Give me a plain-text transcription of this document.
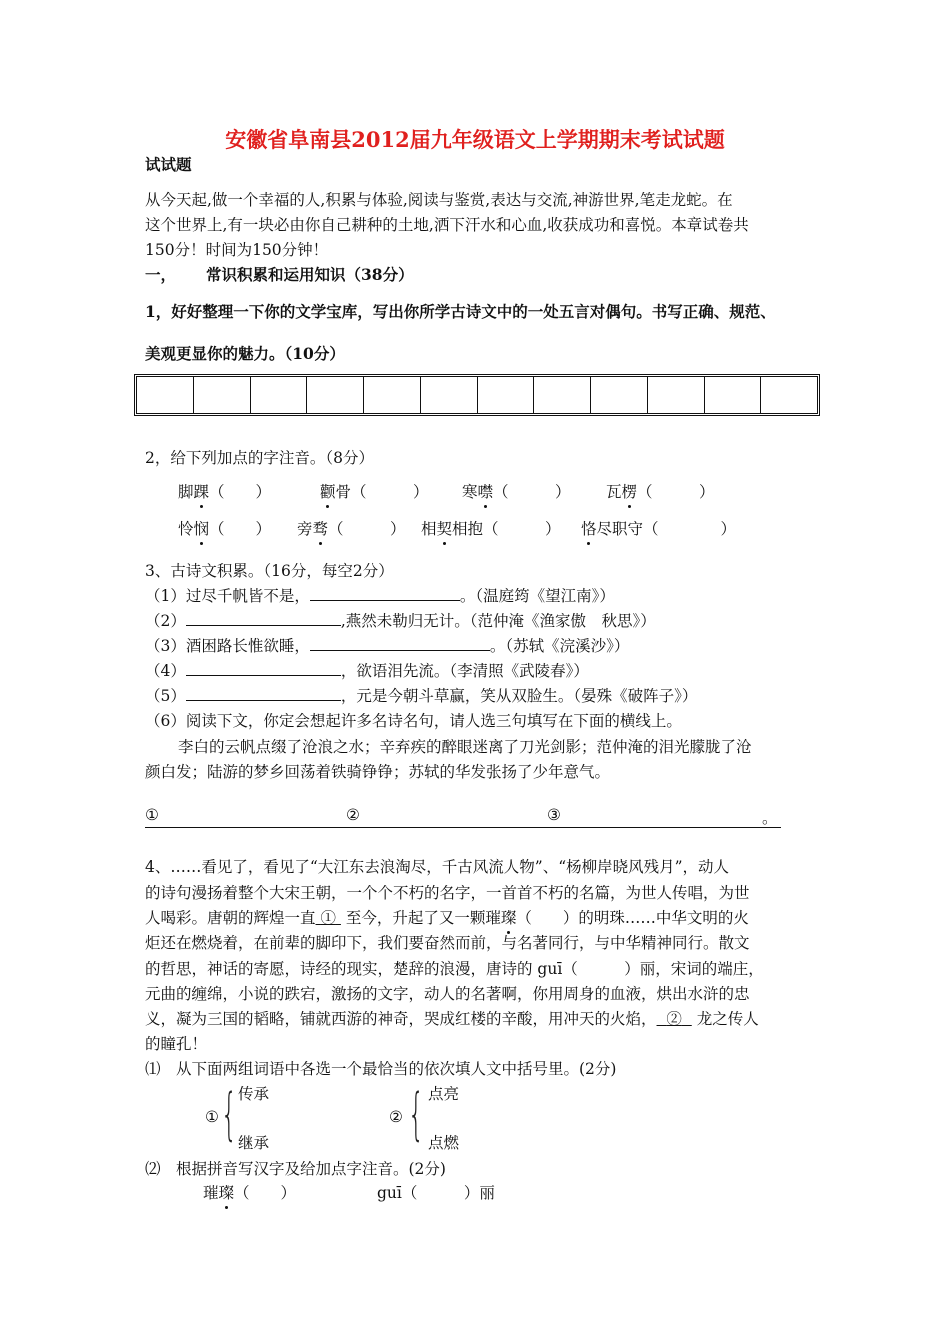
安徽省阜南县2012届九年级语文上学期期末考试试题
试试题
从今天起,做一个幸福的人,积累与体验,阅读与鉴赏,表达与交流,神游世界,笔走龙蛇。在
这个世界上,有一块必由你自己耕种的土地,洒下汗水和心血,收获成功和喜悦。本章试卷共
150分！时间为150分钟！
一， 常识积累和运用知识（38分）
1，好好整理一下你的文学宝库，写出你所学古诗文中的一处五言对偶句。书写正确、规范、
美观更显你的魅力。（10分）
2，给下列加点的字注音。（8分）
脚踝（　　）	颧骨（　　　） 寒噤（　　　） 瓦楞（　　　）
怜悯（　　） 旁骛（　　　） 相契相抱（　　　） 恪尽职守（　　　　）
3、古诗文积累。（16分，每空2分）
（1）过尽千帆皆不是，	。（温庭筠《望江南》）
（2）	,燕然未勒归无计。（范仲淹《渔家傲　秋思》）
（3）酒困路长惟欲睡，	。（苏轼《浣溪沙》）
（4）	，欲语泪先流。（李清照《武陵春》）
（5）	，元是今朝斗草赢，笑从双脸生。（晏殊《破阵子》）
（6）阅读下文，你定会想起许多名诗名句，请人选三句填写在下面的横线上。
李白的云帆点缀了沧浪之水；辛弃疾的醉眼迷离了刀光剑影；范仲淹的泪光朦胧了沧
颜白发；陆游的梦乡回荡着铁骑铮铮；苏轼的华发张扬了少年意气。
①	②	③	。
4、……看见了，看见了“大江东去浪淘尽，千古风流人物”、“杨柳岸晓风残月”，动人
的诗句漫扬着整个大宋王朝，一个个不朽的名字，一首首不朽的名篇，为世人传唱，为世
人喝彩。唐朝的辉煌一直 ① 至今，升起了又一颗璀璨（　　）的明珠……中华文明的火
炬还在燃烧着，在前辈的脚印下，我们要奋然而前，与名著同行，与中华精神同行。散文
的哲思，神话的寄愿，诗经的现实，楚辞的浪漫，唐诗的 guī（　　　）丽，宋词的端庄，
元曲的缠绵，小说的跌宕，激扬的文字，动人的名著啊，你用周身的血液，烘出水浒的忠
义，凝为三国的韬略，铺就西游的神奇，哭成红楼的辛酸，用冲天的火焰， ② 龙之传人
的瞳孔！
⑴　从下面两组词语中各选一个最恰当的依次填人文中括号里。(2分)
① { 传承
继承
② { 点亮
点燃
⑵　根据拼音写汉字及给加点字注音。(2分)
璀璨（　　）	guī（　　　）丽
